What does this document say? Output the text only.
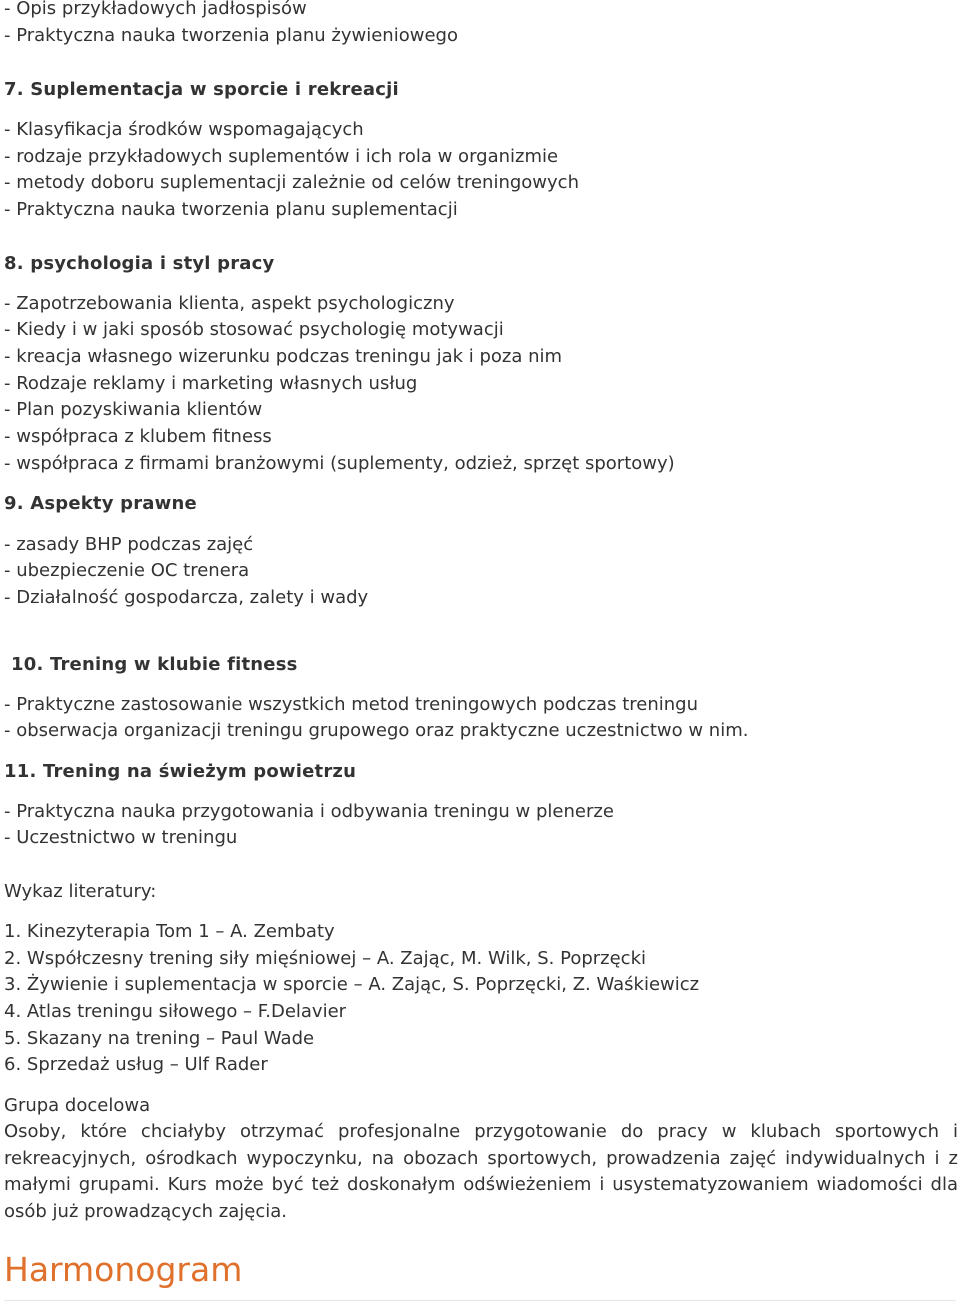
- Opis przykładowych jadłospisów
- Praktyczna nauka tworzenia planu żywieniowego
7. Suplementacja w sporcie i rekreacji
- Klasyfikacja środków wspomagających
- rodzaje przykładowych suplementów i ich rola w organizmie
- metody doboru suplementacji zależnie od celów treningowych
- Praktyczna nauka tworzenia planu suplementacji
8. psychologia i styl pracy
- Zapotrzebowania klienta, aspekt psychologiczny
- Kiedy i w jaki sposób stosować psychologię motywacji
- kreacja własnego wizerunku podczas treningu jak i poza nim
- Rodzaje reklamy i marketing własnych usług
- Plan pozyskiwania klientów
- współpraca z klubem fitness
- współpraca z firmami branżowymi (suplementy, odzież, sprzęt sportowy)
9. Aspekty prawne
- zasady BHP podczas zajęć
- ubezpieczenie OC trenera
- Działalność gospodarcza, zalety i wady
10. Trening w klubie fitness
- Praktyczne zastosowanie wszystkich metod treningowych podczas treningu
- obserwacja organizacji treningu grupowego oraz praktyczne uczestnictwo w nim.
11. Trening na świeżym powietrzu
- Praktyczna nauka przygotowania i odbywania treningu w plenerze
- Uczestnictwo w treningu
Wykaz literatury:
1. Kinezyterapia Tom 1 – A. Zembaty
2. Współczesny trening siły mięśniowej – A. Zając, M. Wilk, S. Poprzęcki
3. Żywienie i suplementacja w sporcie – A. Zając, S. Poprzęcki, Z. Waśkiewicz
4. Atlas treningu siłowego – F.Delavier
5. Skazany na trening – Paul Wade
6. Sprzedaż usług – Ulf Rader
Grupa docelowa
Osoby, które chciałyby otrzymać profesjonalne przygotowanie do pracy w klubach sportowych i rekreacyjnych, ośrodkach wypoczynku, na obozach sportowych, prowadzenia zajęć indywidualnych i z małymi grupami. Kurs może być też doskonałym odświeżeniem i usystematyzowaniem wiadomości dla osób już prowadzących zajęcia.
Harmonogram
